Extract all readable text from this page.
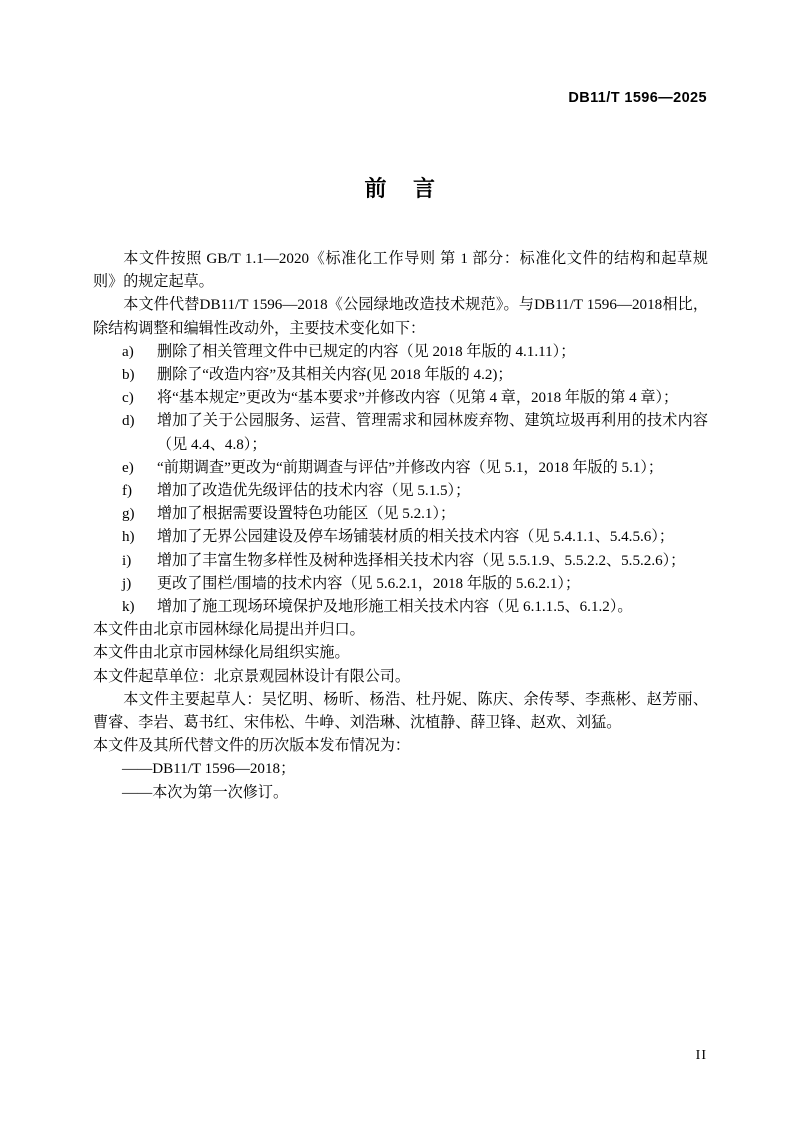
DB11/T 1596—2025
前 言

本文件按照 GB/T 1.1—2020《标准化工作导则 第 1 部分：标准化文件的结构和起草规则》的规定起草。

本文件代替DB11/T 1596—2018《公园绿地改造技术规范》。与DB11/T 1596—2018相比，除结构调整和编辑性改动外，主要技术变化如下：

a)	删除了相关管理文件中已规定的内容（见 2018 年版的 4.1.11）；
b)	删除了“改造内容”及其相关内容(见 2018 年版的 4.2)；
c)	将“基本规定”更改为“基本要求”并修改内容（见第 4 章，2018 年版的第 4 章）；
d)	增加了关于公园服务、运营、管理需求和园林废弃物、建筑垃圾再利用的技术内容（见 4.4、4.8）；
e)	“前期调查”更改为“前期调查与评估”并修改内容（见 5.1，2018 年版的 5.1）；
f)	增加了改造优先级评估的技术内容（见 5.1.5）；
g)	增加了根据需要设置特色功能区（见 5.2.1）；
h)	增加了无界公园建设及停车场铺装材质的相关技术内容（见 5.4.1.1、5.4.5.6）；
i)	增加了丰富生物多样性及树种选择相关技术内容（见 5.5.1.9、5.5.2.2、5.5.2.6）；
j)	更改了围栏/围墙的技术内容（见 5.6.2.1，2018 年版的 5.6.2.1）；
k)	增加了施工现场环境保护及地形施工相关技术内容（见 6.1.1.5、6.1.2）。

本文件由北京市园林绿化局提出并归口。

本文件由北京市园林绿化局组织实施。

本文件起草单位：北京景观园林设计有限公司。

本文件主要起草人：吴忆明、杨昕、杨浩、杜丹妮、陈庆、余传琴、李燕彬、赵芳丽、曹睿、李岩、葛书红、宋伟松、牛峥、刘浩琳、沈植静、薛卫锋、赵欢、刘猛。

本文件及其所代替文件的历次版本发布情况为：

——DB11/T 1596—2018；

——本次为第一次修订。

II
